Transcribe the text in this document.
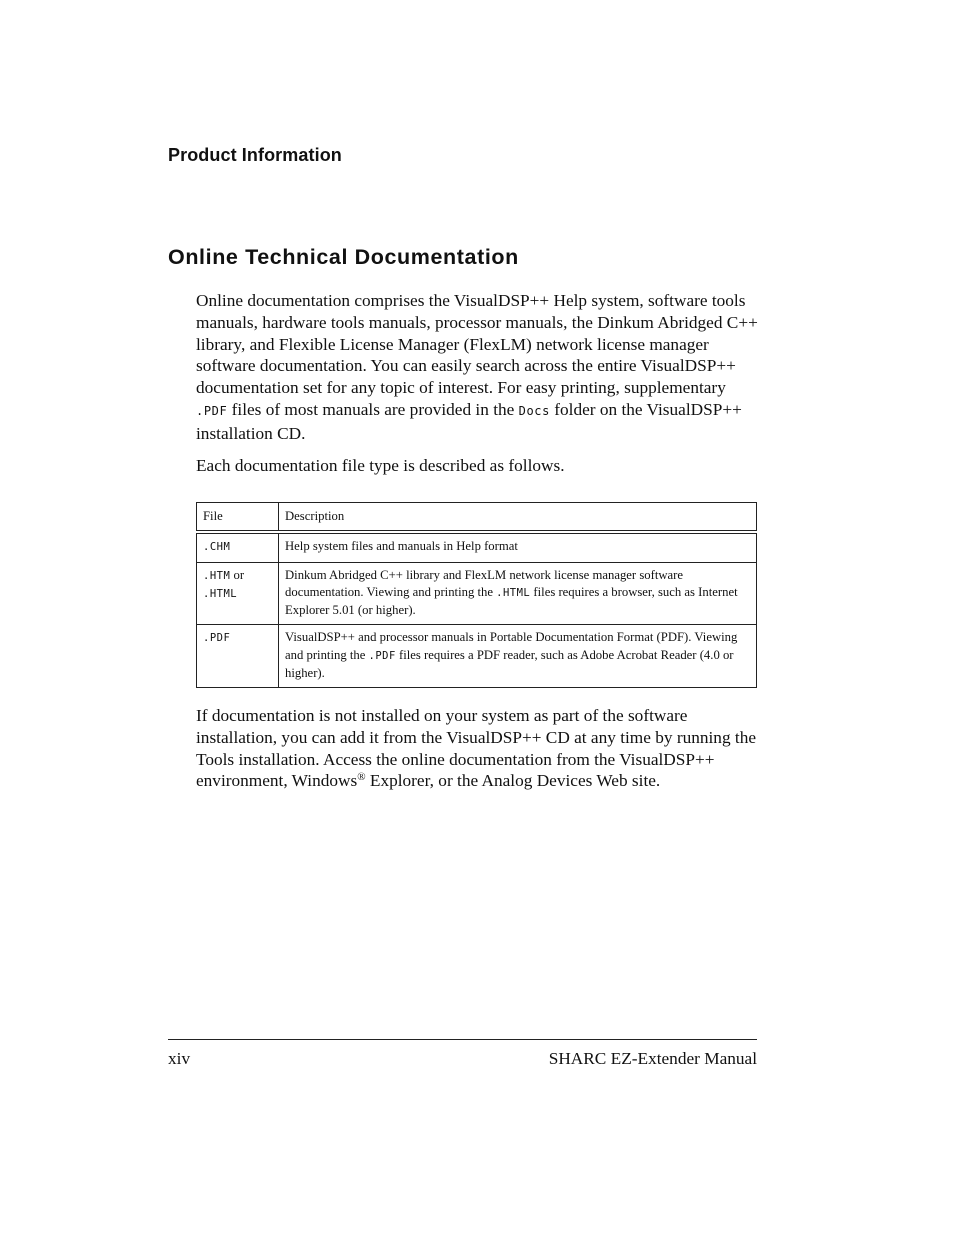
Product Information
Online Technical Documentation
Online documentation comprises the VisualDSP++ Help system, software tools manuals, hardware tools manuals, processor manuals, the Dinkum Abridged C++ library, and Flexible License Manager (FlexLM) network license manager software documentation. You can easily search across the entire VisualDSP++ documentation set for any topic of interest. For easy printing, supplementary .PDF files of most manuals are provided in the Docs folder on the VisualDSP++ installation CD.
Each documentation file type is described as follows.
File	Description
.CHM	Help system files and manuals in Help format
.HTM or
.HTML	Dinkum Abridged C++ library and FlexLM network license manager software documentation. Viewing and printing the .HTML files requires a browser, such as Internet Explorer 5.01 (or higher).
.PDF	VisualDSP++ and processor manuals in Portable Documentation Format (PDF). Viewing and printing the .PDF files requires a PDF reader, such as Adobe Acrobat Reader (4.0 or higher).
If documentation is not installed on your system as part of the software installation, you can add it from the VisualDSP++ CD at any time by running the Tools installation. Access the online documentation from the VisualDSP++ environment, Windows® Explorer, or the Analog Devices Web site.
xiv	SHARC EZ-Extender Manual
